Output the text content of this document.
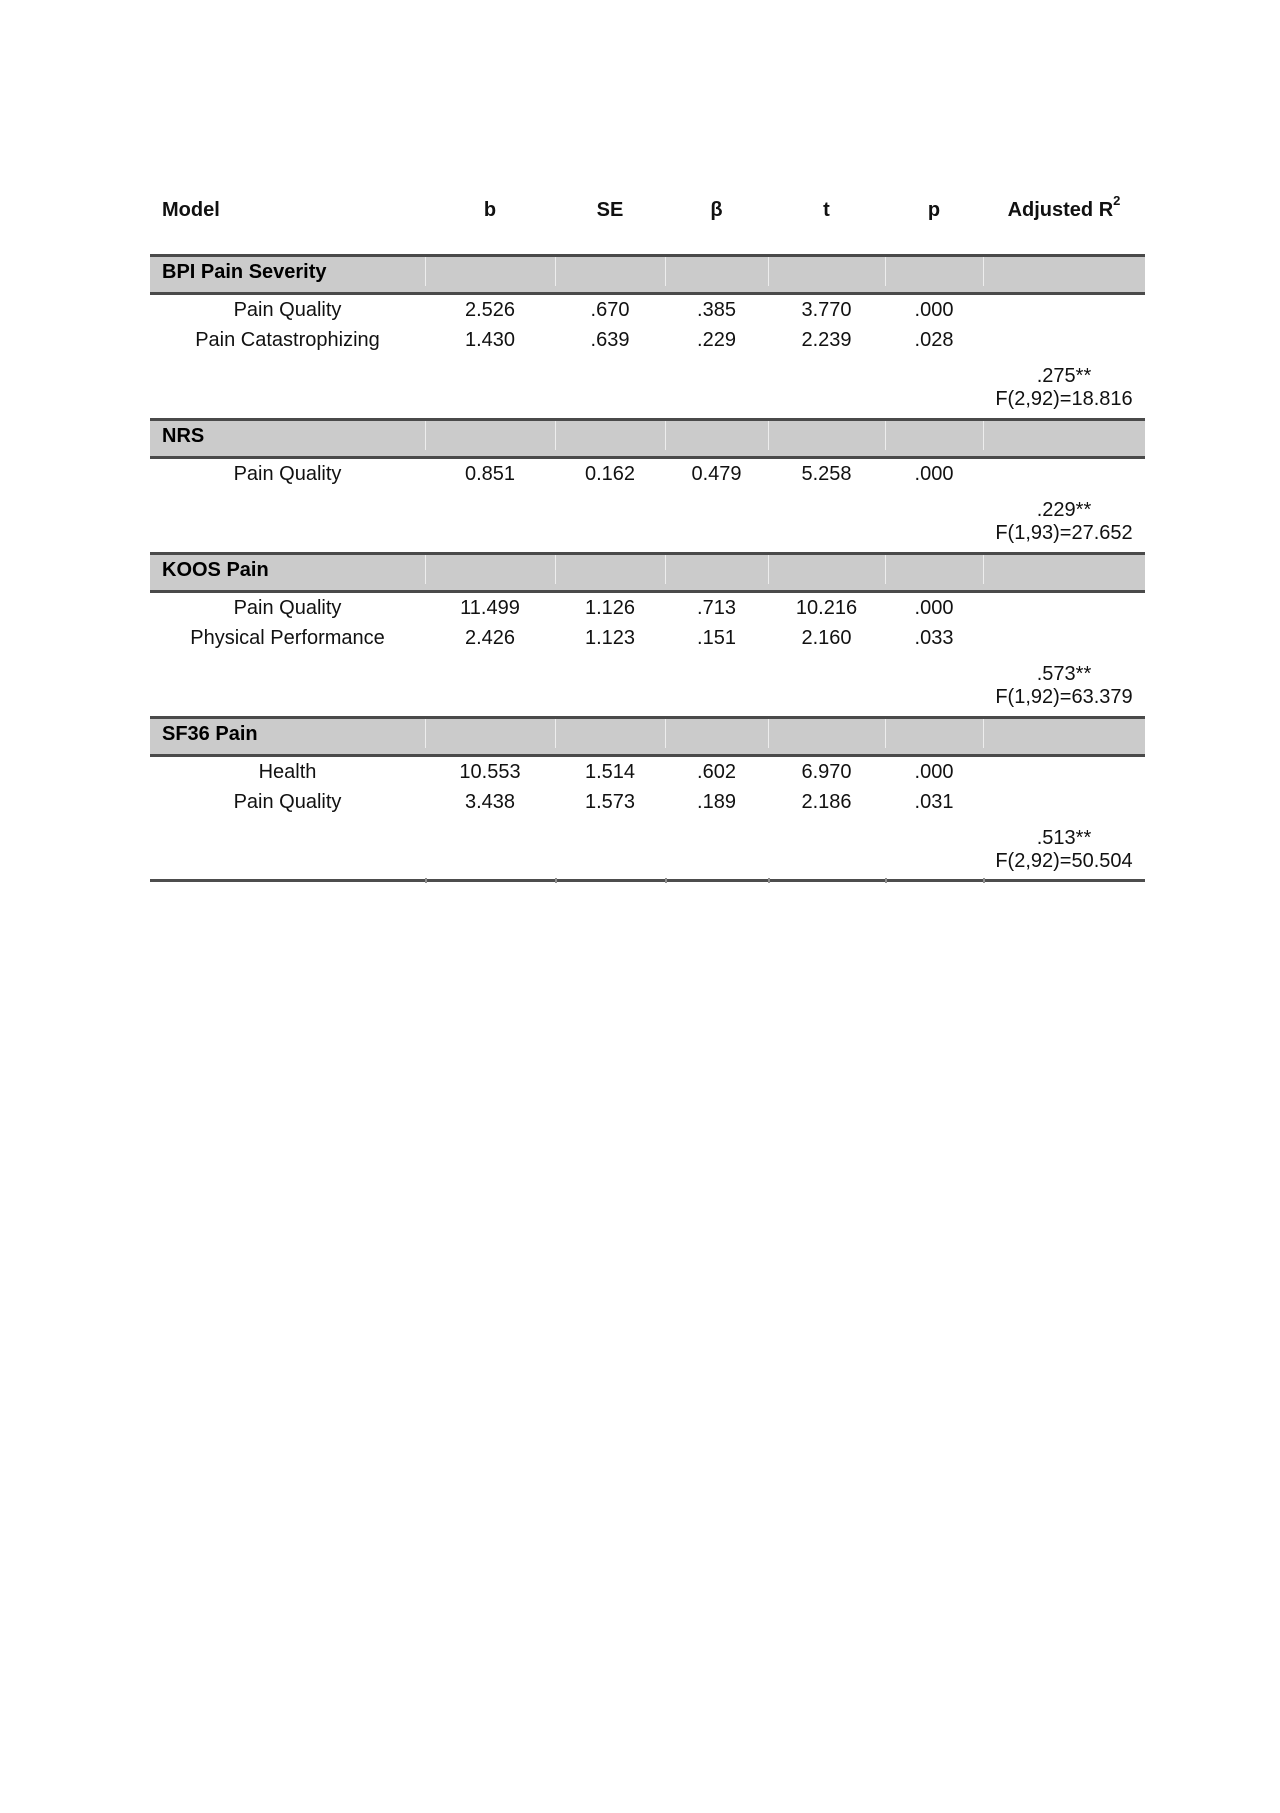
Model	b	SE	β	t	p	Adjusted R 2
BPI Pain Severity
Pain Quality	2.526	.670	.385	3.770	.000
Pain Catastrophizing	1.430	.639	.229	2.239	.028
.275**
F(2,92)=18.816
NRS
Pain Quality	0.851	0.162	0.479	5.258	.000
.229**
F(1,93)=27.652
KOOS Pain
Pain Quality	11.499	1.126	.713	10.216	.000
Physical Performance	2.426	1.123	.151	2.160	.033
.573**
F(1,92)=63.379
SF36 Pain
Health	10.553	1.514	.602	6.970	.000
Pain Quality	3.438	1.573	.189	2.186	.031
.513**
F(2,92)=50.504
